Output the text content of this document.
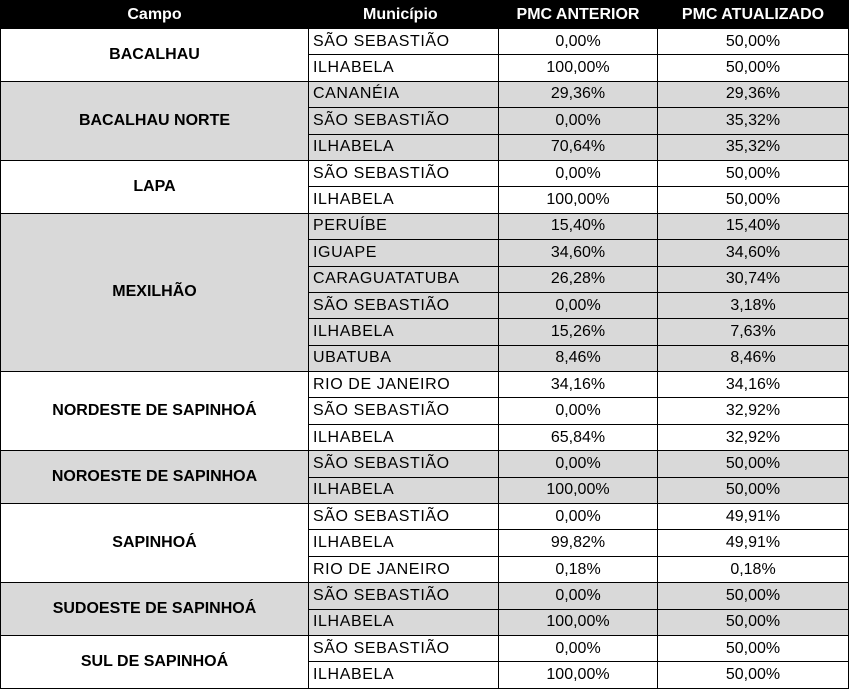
Campo	Município	PMC ANTERIOR	PMC ATUALIZADO
BACALHAU	SÃO SEBASTIÃO	0,00%	50,00%
	ILHABELA	100,00%	50,00%
BACALHAU NORTE	CANANÉIA	29,36%	29,36%
	SÃO SEBASTIÃO	0,00%	35,32%
	ILHABELA	70,64%	35,32%
LAPA	SÃO SEBASTIÃO	0,00%	50,00%
	ILHABELA	100,00%	50,00%
MEXILHÃO	PERUÍBE	15,40%	15,40%
	IGUAPE	34,60%	34,60%
	CARAGUATATUBA	26,28%	30,74%
	SÃO SEBASTIÃO	0,00%	3,18%
	ILHABELA	15,26%	7,63%
	UBATUBA	8,46%	8,46%
NORDESTE DE SAPINHOÁ	RIO DE JANEIRO	34,16%	34,16%
	SÃO SEBASTIÃO	0,00%	32,92%
	ILHABELA	65,84%	32,92%
NOROESTE DE SAPINHOA	SÃO SEBASTIÃO	0,00%	50,00%
	ILHABELA	100,00%	50,00%
SAPINHOÁ	SÃO SEBASTIÃO	0,00%	49,91%
	ILHABELA	99,82%	49,91%
	RIO DE JANEIRO	0,18%	0,18%
SUDOESTE DE SAPINHOÁ	SÃO SEBASTIÃO	0,00%	50,00%
	ILHABELA	100,00%	50,00%
SUL DE SAPINHOÁ	SÃO SEBASTIÃO	0,00%	50,00%
	ILHABELA	100,00%	50,00%
